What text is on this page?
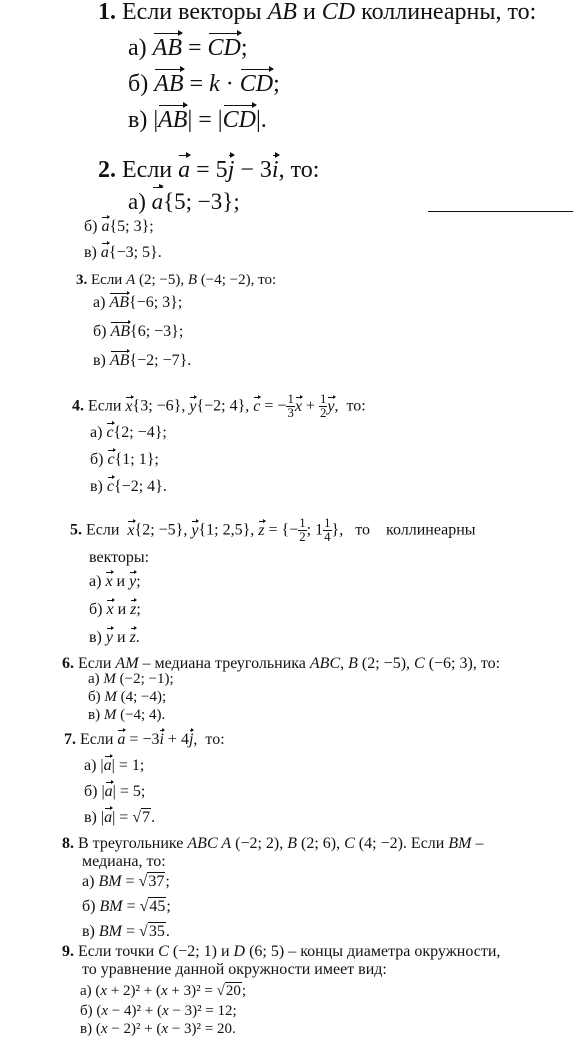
1. Если векторы AB и CD коллинеарны, то:
а) AB = CD;
б) AB = k · CD;
в) |AB| = |CD|.
2. Если a = 5j − 3i, то:
а) a{5; −3};
б) a{5; 3};
в) a{−3; 5}.
3. Если A (2; −5), B (−4; −2), то:
а) AB{−6; 3};
б) AB{6; −3};
в) AB{−2; −7}.
4. Если x{3; −6}, y{−2; 4}, c = − $\frac{1}{3}$ $x + \frac{1}{2} y$,  то:
а) c{2; −4};
б) c{1; 1};
в) c{−2; 4}.
5. Если  x{2; −5}, y{1; 2,5}, z = {− $\frac{1}{2}$ ; $1 \frac{1}{4}$ },   то    коллинеарны
векторы:
а) x и y;
б) x и z;
в) y и z.
6. Если AM – медиана треугольника ABC, B (2; −5), C (−6; 3), то:
а) M (−2; −1);
б) M (4; −4);
в) M (−4; 4).
7. Если a = −3i + 4j,  то:
а) |a| = 1;
б) |a| = 5;
в) |a| = √7.
8. В треугольнике ABC A (−2; 2), B (2; 6), C (4; −2). Если BM –
медиана, то:
а) BM = √37;
б) BM = √45;
в) BM = √35.
9. Если точки C (−2; 1) и D (6; 5) – концы диаметра окружности,
то уравнение данной окружности имеет вид:
а) (x + 2)² + (x + 3)² = √20;
б) (x − 4)² + (x − 3)² = 12;
в) (x − 2)² + (x − 3)² = 20.
